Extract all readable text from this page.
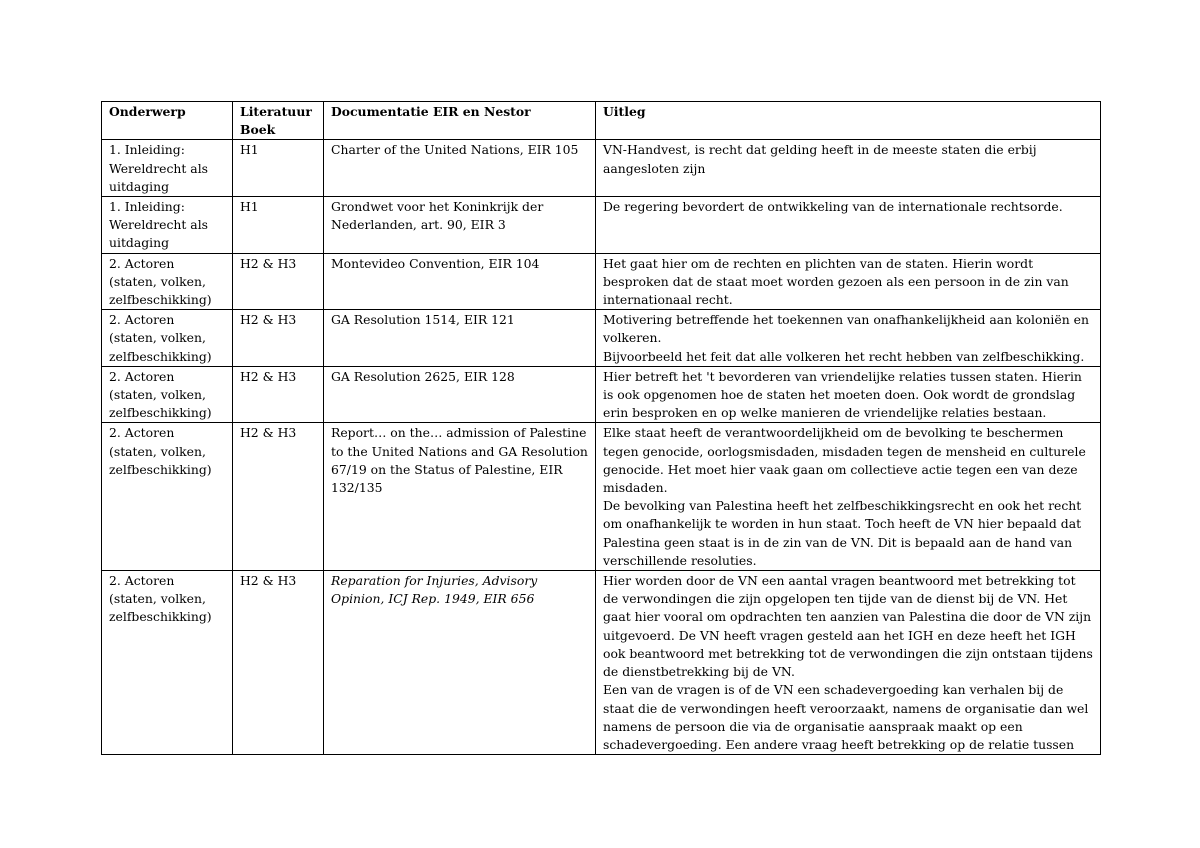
Onderwerp	Literatuur Boek	Documentatie EIR en Nestor	Uitleg
1. Inleiding: Wereldrecht als uitdaging	H1	Charter of the United Nations, EIR 105	VN-Handvest, is recht dat gelding heeft in de meeste staten die erbij aangesloten zijn

1. Inleiding: Wereldrecht als uitdaging	H1	Grondwet voor het Koninkrijk der Nederlanden, art. 90, EIR 3	De regering bevordert de ontwikkeling van de internationale rechtsorde.

2. Actoren (staten, volken, zelfbeschikking)	H2 & H3	Montevideo Convention, EIR 104	Het gaat hier om de rechten en plichten van de staten. Hierin wordt besproken dat de staat moet worden gezoen als een persoon in de zin van internationaal recht.

2. Actoren (staten, volken, zelfbeschikking)	H2 & H3	GA Resolution 1514, EIR 121	Motivering betreffende het toekennen van onafhankelijkheid aan koloniën en volkeren.
Bijvoorbeeld het feit dat alle volkeren het recht hebben van zelfbeschikking.

2. Actoren (staten, volken, zelfbeschikking)	H2 & H3	GA Resolution 2625, EIR 128	Hier betreft het 't bevorderen van vriendelijke relaties tussen staten. Hierin is ook opgenomen hoe de staten het moeten doen. Ook wordt de grondslag erin besproken en op welke manieren de vriendelijke relaties bestaan.

2. Actoren (staten, volken, zelfbeschikking)	H2 & H3	Report… on the… admission of Palestine to the United Nations and GA Resolution 67/19 on the Status of Palestine, EIR 132/135	Elke staat heeft de verantwoordelijkheid om de bevolking te beschermen tegen genocide, oorlogsmisdaden, misdaden tegen de mensheid en culturele genocide. Het moet hier vaak gaan om collectieve actie tegen een van deze misdaden.
De bevolking van Palestina heeft het zelfbeschikkingsrecht en ook het recht om onafhankelijk te worden in hun staat. Toch heeft de VN hier bepaald dat Palestina geen staat is in de zin van de VN. Dit is bepaald aan de hand van verschillende resoluties.

2. Actoren (staten, volken, zelfbeschikking)	H2 & H3	Reparation for Injuries, Advisory Opinion, ICJ Rep. 1949, EIR 656	Hier worden door de VN een aantal vragen beantwoord met betrekking tot de verwondingen die zijn opgelopen ten tijde van de dienst bij de VN. Het gaat hier vooral om opdrachten ten aanzien van Palestina die door de VN zijn uitgevoerd. De VN heeft vragen gesteld aan het IGH en deze heeft het IGH ook beantwoord met betrekking tot de verwondingen die zijn ontstaan tijdens de dienstbetrekking bij de VN.
Een van de vragen is of de VN een schadevergoeding kan verhalen bij de staat die de verwondingen heeft veroorzaakt, namens de organisatie dan wel namens de persoon die via de organisatie aanspraak maakt op een schadevergoeding. Een andere vraag heeft betrekking op de relatie tussen
